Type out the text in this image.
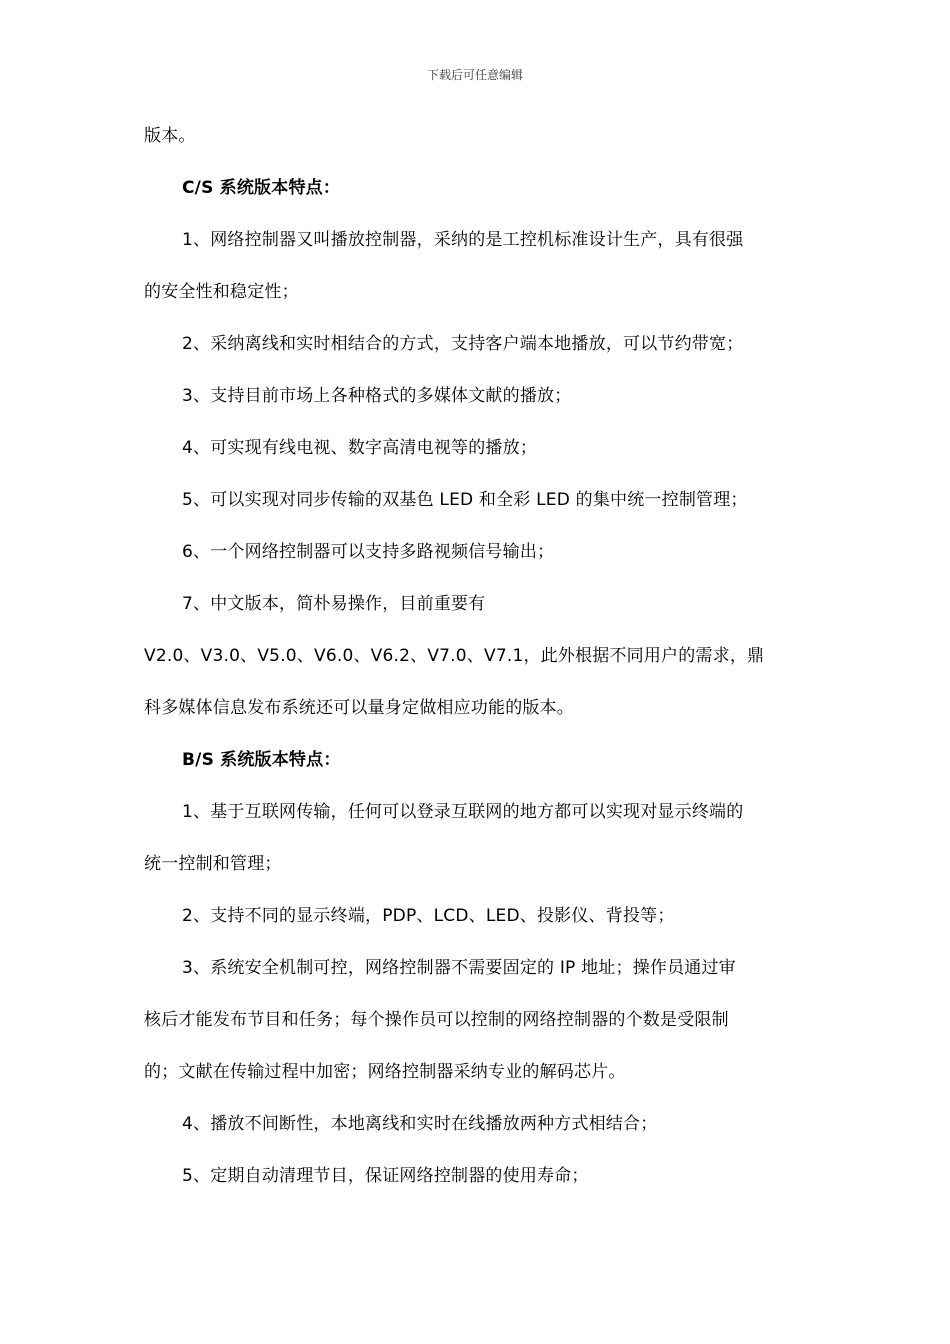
下载后可任意编辑
版本。
C/S 系统版本特点：
1、网络控制器又叫播放控制器，采纳的是工控机标准设计生产，具有很强
的安全性和稳定性；
2、采纳离线和实时相结合的方式，支持客户端本地播放，可以节约带宽；
3、支持目前市场上各种格式的多媒体文献的播放；
4、可实现有线电视、数字高清电视等的播放；
5、可以实现对同步传输的双基色 LED 和全彩 LED 的集中统一控制管理；
6、一个网络控制器可以支持多路视频信号输出；
7、中文版本，简朴易操作，目前重要有
V2.0、V3.0、V5.0、V6.0、V6.2、V7.0、V7.1，此外根据不同用户的需求，鼎
科多媒体信息发布系统还可以量身定做相应功能的版本。
B/S 系统版本特点：
1、基于互联网传输，任何可以登录互联网的地方都可以实现对显示终端的
统一控制和管理；
2、支持不同的显示终端，PDP、LCD、LED、投影仪、背投等；
3、系统安全机制可控，网络控制器不需要固定的 IP 地址；操作员通过审
核后才能发布节目和任务；每个操作员可以控制的网络控制器的个数是受限制
的；文献在传输过程中加密；网络控制器采纳专业的解码芯片。
4、播放不间断性，本地离线和实时在线播放两种方式相结合；
5、定期自动清理节目，保证网络控制器的使用寿命；
